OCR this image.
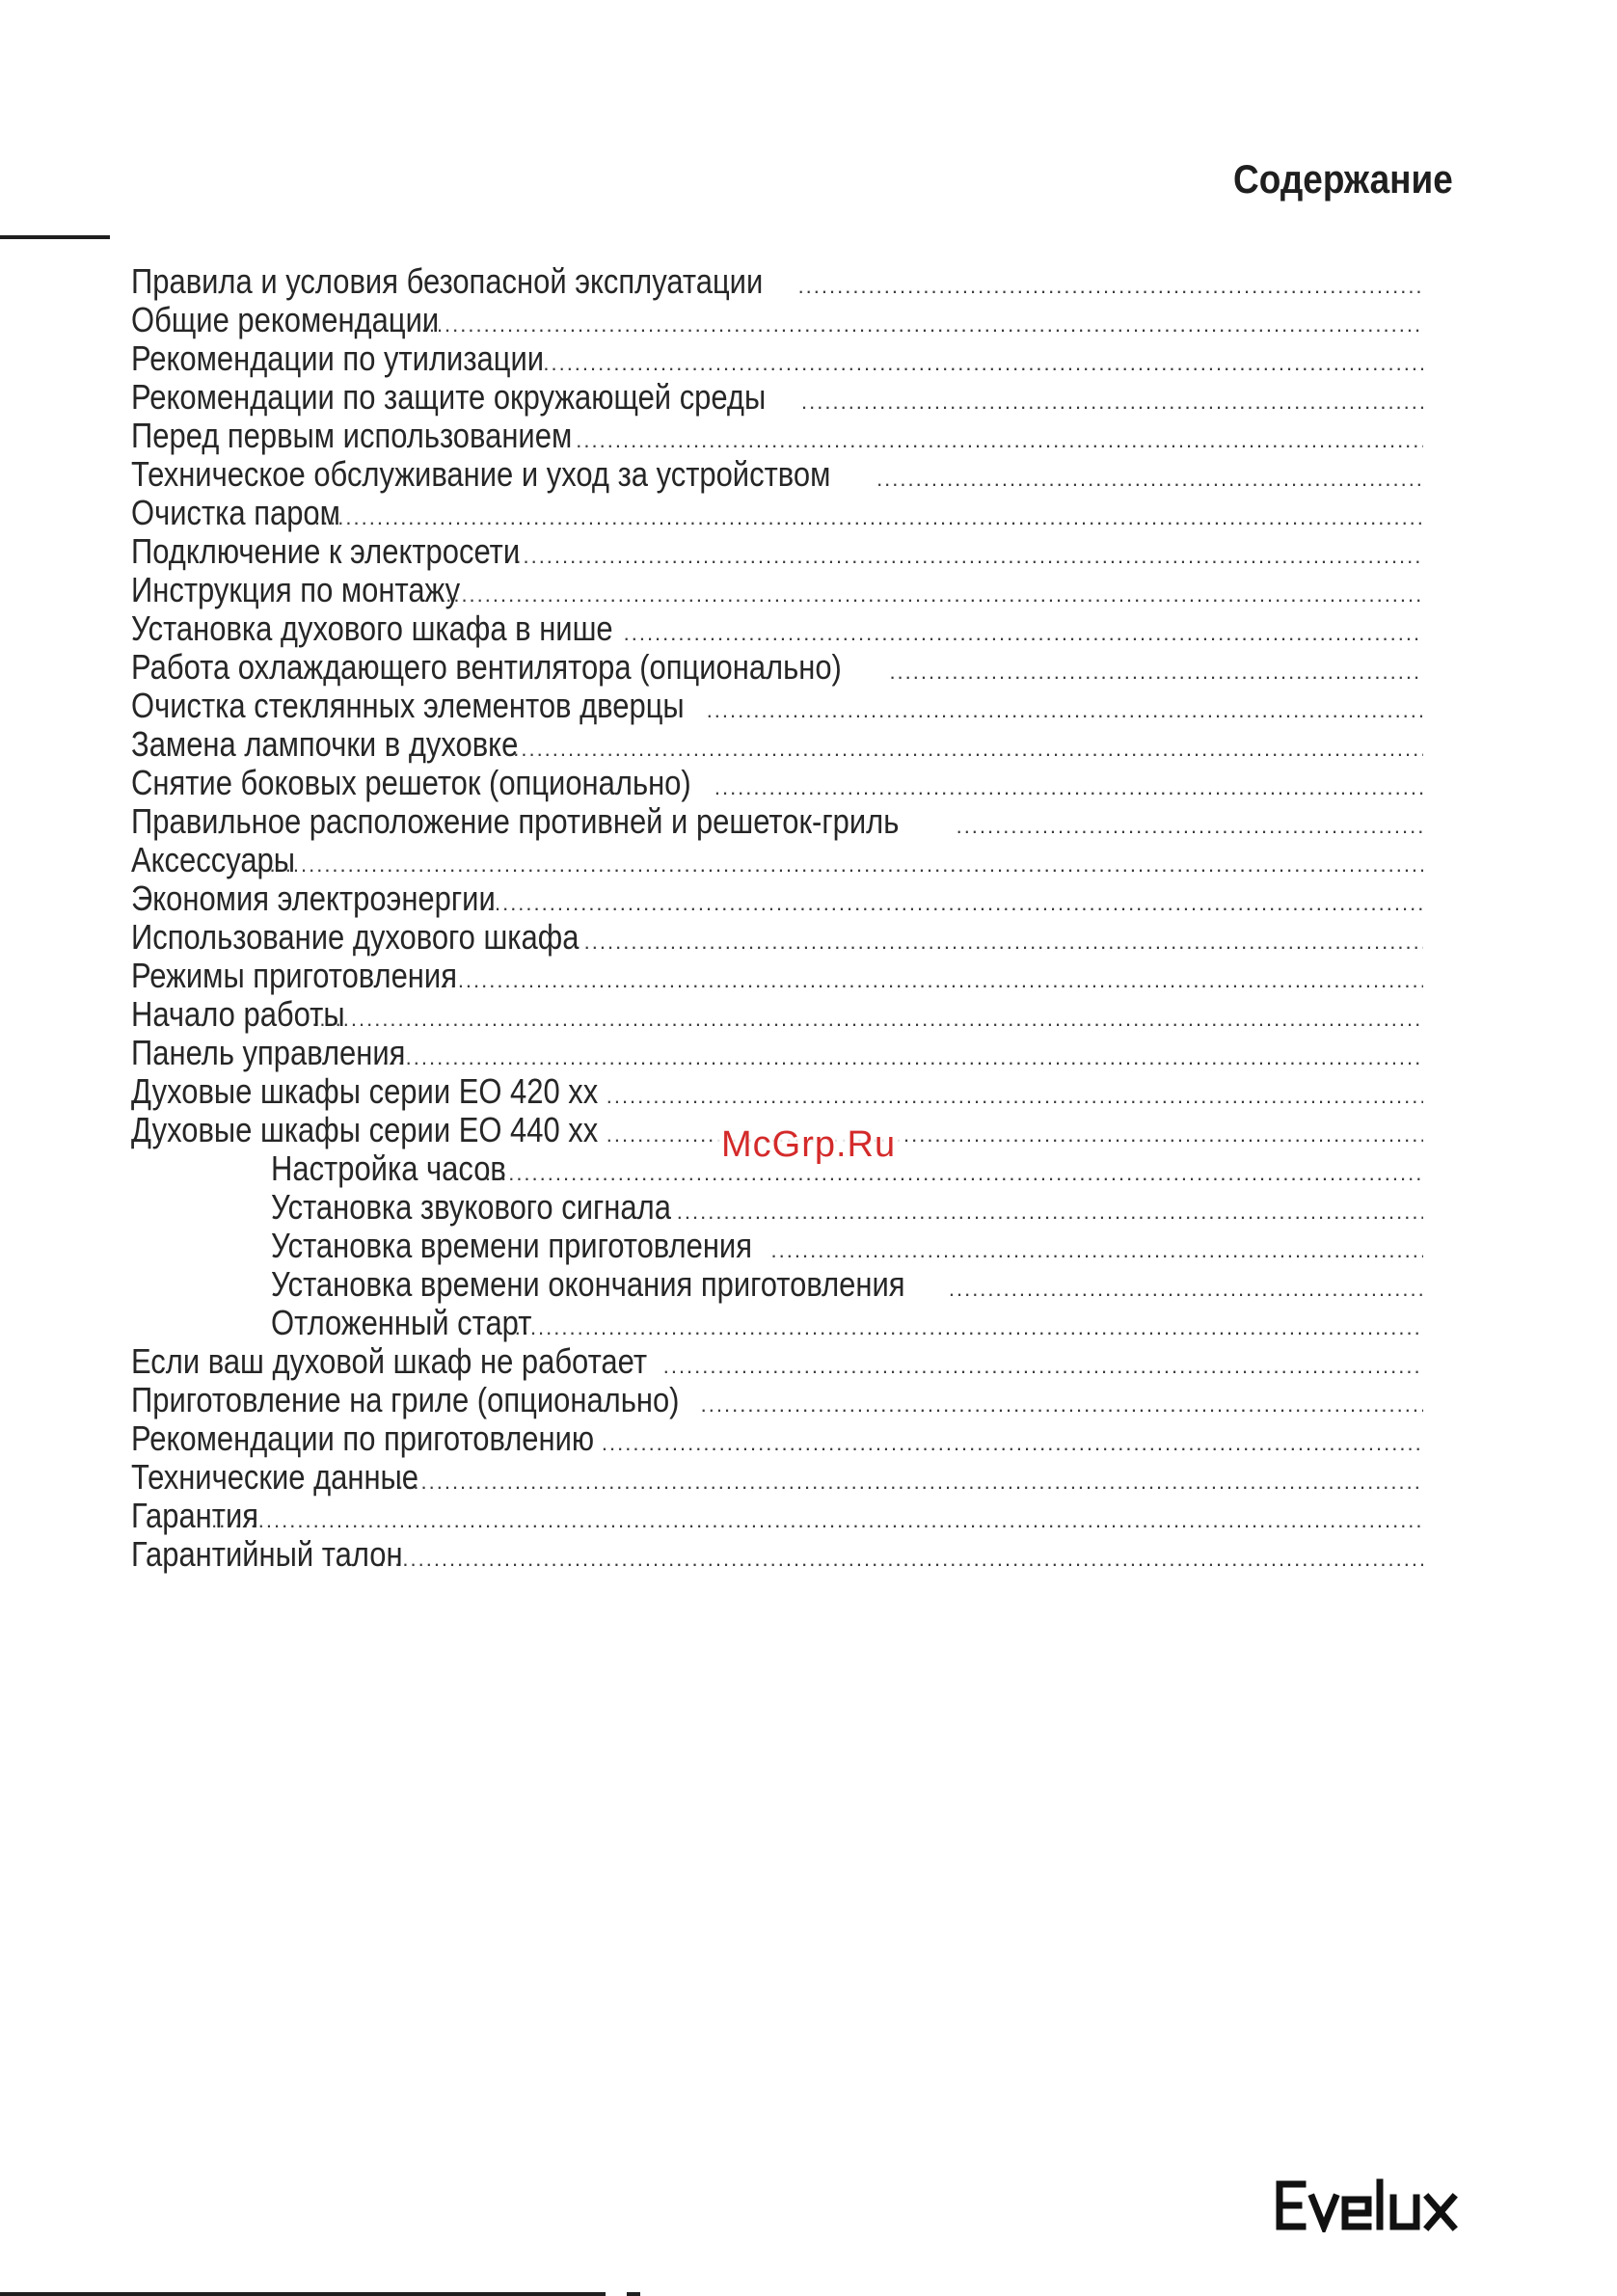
Содержание
Правила и условия безопасной эксплуатации
.....
Общие рекомендации
.....
Рекомендации по утилизации
.....
Рекомендации по защите окружающей среды
.....
Перед первым использованием
.....
Техническое обслуживание и уход за устройством
.....
Очистка паром
.....
Подключение к электросети
.....
Инструкция по монтажу
.....
Установка духового шкафа в нише
.....
Работа охлаждающего вентилятора (опционально)
.....
Очистка стеклянных элементов дверцы
.....
Замена лампочки в духовке
.....
Снятие боковых решеток (опционально)
.....
Правильное расположение противней и решеток-гриль
.....
Аксессуары
.....
Экономия электроэнергии
.....
Использование духового шкафа
.....
Режимы приготовления
.....
Начало работы
.....
Панель управления
.....
Духовые шкафы серии ЕО 420 хх
.....
Духовые шкафы серии ЕО 440 хх
.....
Настройка часов
.....
Установка звукового сигнала
.....
Установка времени приготовления
.....
Установка времени окончания приготовления
.....
Отложенный старт
.....
Если ваш духовой шкаф не работает
.....
Приготовление на гриле (опционально)
.....
Рекомендации по приготовлению
.....
Технические данные
.....
Гарантия
.....
Гарантийный талон
.....
McGrp.Ru
